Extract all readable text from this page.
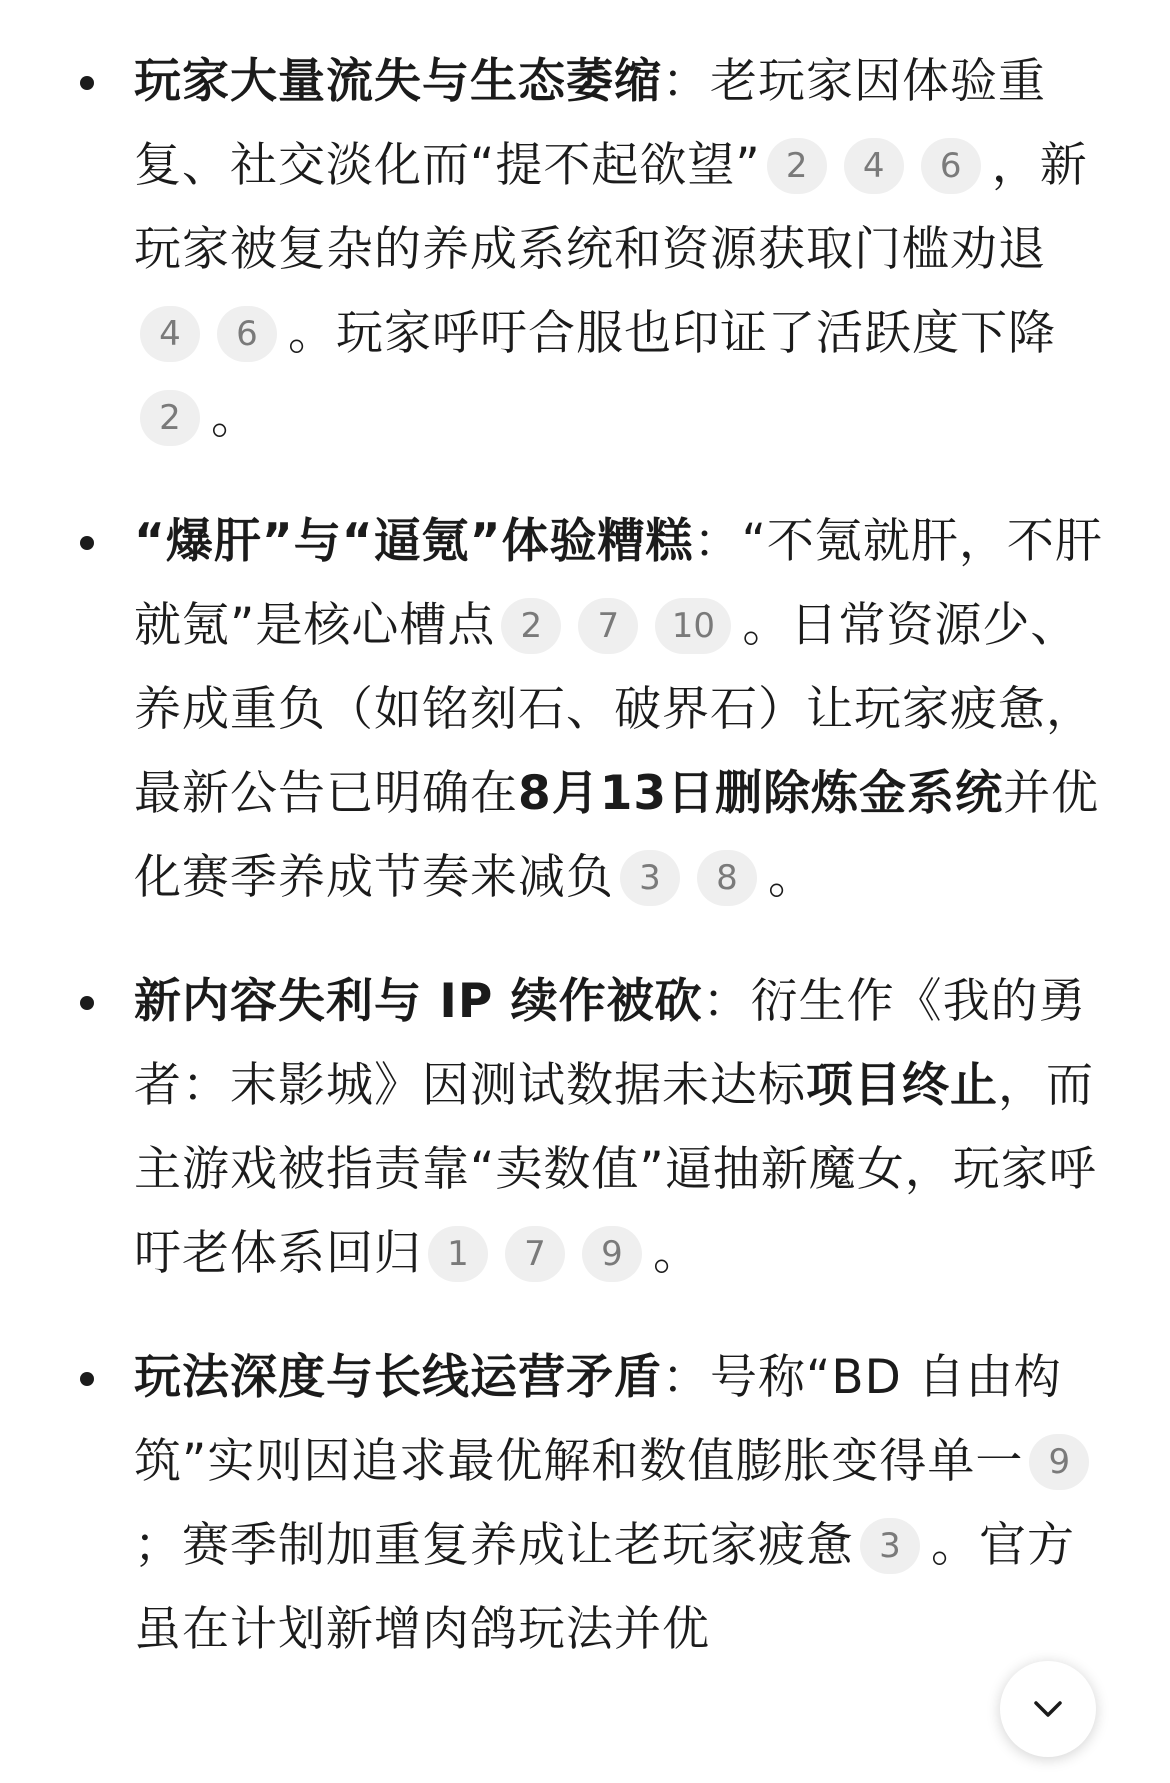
玩家大量流失与生态萎缩：老玩家因体验重复、社交淡化而“提不起欲望” 2 4 6 ，新玩家被复杂的养成系统和资源获取门槛劝退4 6 。玩家呼吁合服也印证了活跃度下降2 。
“爆肝”与“逼氪”体验糟糕：“不氪就肝，不肝就氪”是核心槽点 2 7 10 。日常资源少、养成重负（如铭刻石、破界石）让玩家疲惫，最新公告已明确在8月13日删除炼金系统并优化赛季养成节奏来减负 3 8 。
新内容失利与 IP 续作被砍：衍生作《我的勇者：末影城》因测试数据未达标项目终止，而主游戏被指责靠“卖数值”逼抽新魔女，玩家呼吁老体系回归 1 7 9 。
玩法深度与长线运营矛盾：号称“BD 自由构筑”实则因追求最优解和数值膨胀变得单一 9；赛季制加重复养成让老玩家疲惫 3 。官方虽在计划新增肉鸽玩法并优
